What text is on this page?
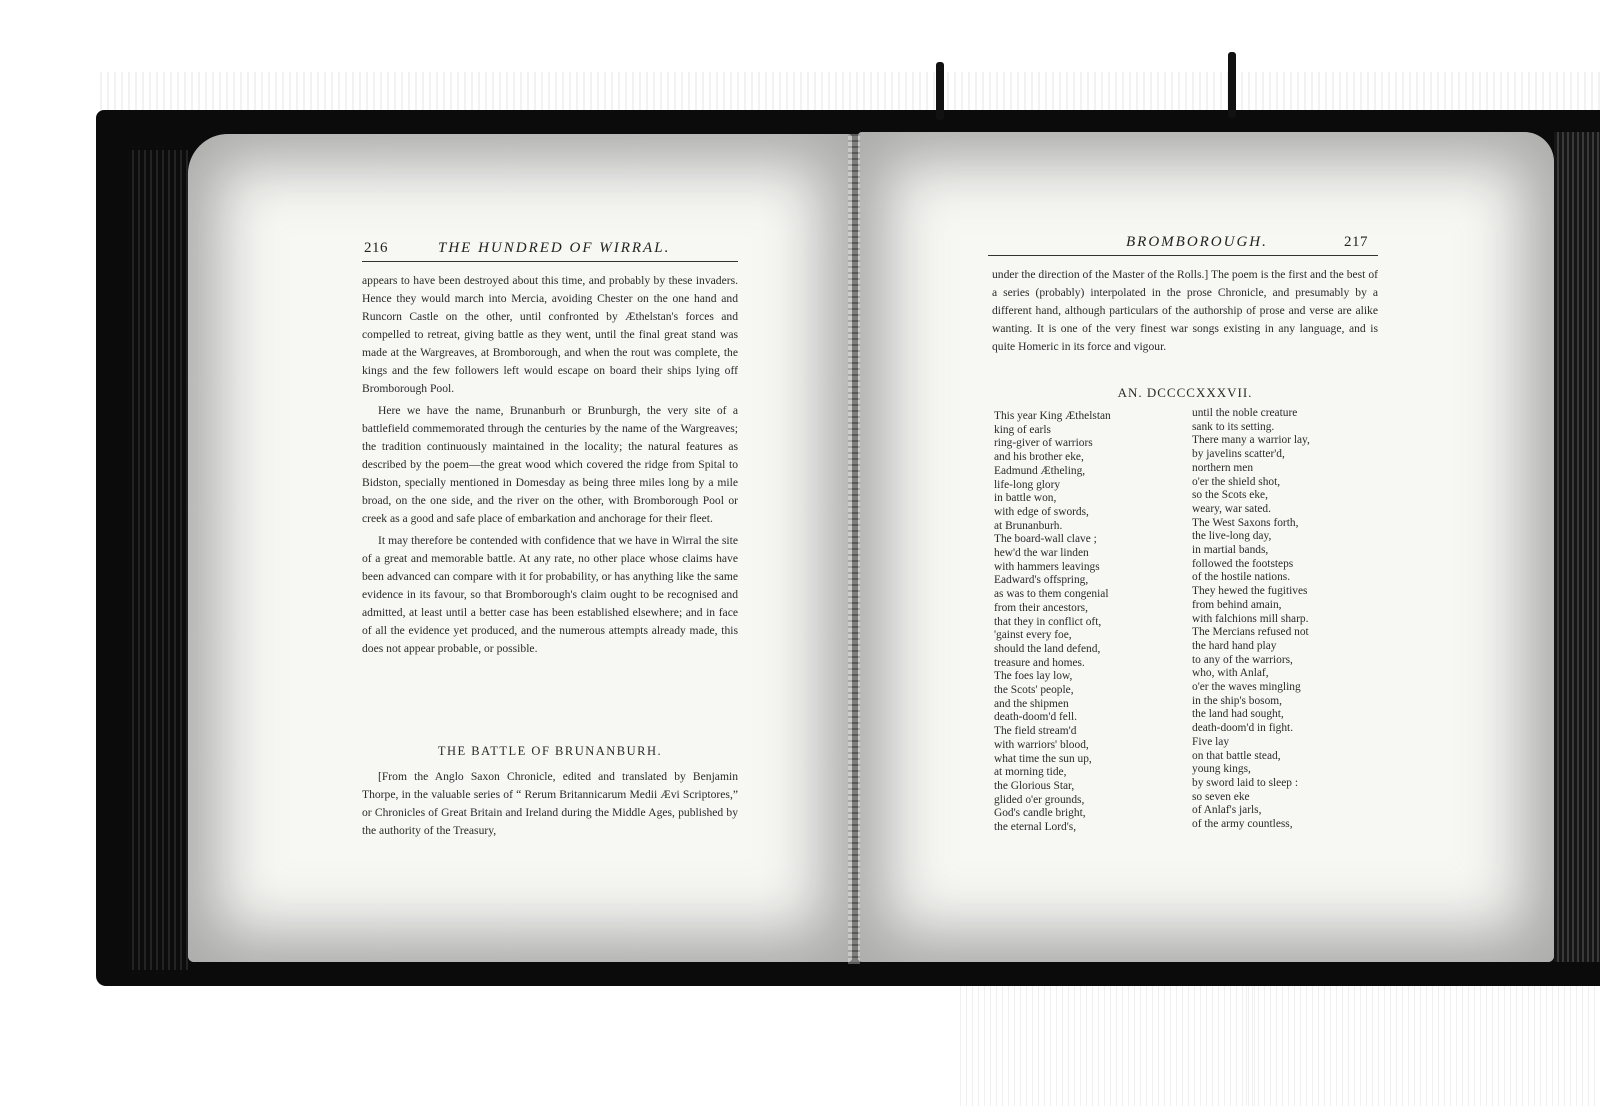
216	THE HUNDRED OF WIRRAL.

appears to have been destroyed about this time, and probably by these invaders. Hence they would march into Mercia, avoiding Chester on the one hand and Runcorn Castle on the other, until confronted by Æthelstan's forces and compelled to retreat, giving battle as they went, until the final great stand was made at the Wargreaves, at Bromborough, and when the rout was complete, the kings and the few followers left would escape on board their ships lying off Bromborough Pool.

Here we have the name, Brunanburh or Brunburgh, the very site of a battlefield commemorated through the centuries by the name of the Wargreaves; the tradition continuously maintained in the locality; the natural features as described by the poem—the great wood which covered the ridge from Spital to Bidston, specially mentioned in Domesday as being three miles long by a mile broad, on the one side, and the river on the other, with Bromborough Pool or creek as a good and safe place of embarkation and anchorage for their fleet.

It may therefore be contended with confidence that we have in Wirral the site of a great and memorable battle. At any rate, no other place whose claims have been advanced can compare with it for probability, or has anything like the same evidence in its favour, so that Bromborough's claim ought to be recognised and admitted, at least until a better case has been established elsewhere; and in face of all the evidence yet produced, and the numerous attempts already made, this does not appear probable, or possible.

THE BATTLE OF BRUNANBURH.

[From the Anglo Saxon Chronicle, edited and translated by Benjamin Thorpe, in the valuable series of “ Rerum Britannicarum Medii Ævi Scriptores,” or Chronicles of Great Britain and Ireland during the Middle Ages, published by the authority of the Treasury,

BROMBOROUGH.	217

under the direction of the Master of the Rolls.] The poem is the first and the best of a series (probably) interpolated in the prose Chronicle, and presumably by a different hand, although particulars of the authorship of prose and verse are alike wanting. It is one of the very finest war songs existing in any language, and is quite Homeric in its force and vigour.

AN. DCCCCXXXVII.
This year King Æthelstan
king of earls
ring-giver of warriors
and his brother eke,
Eadmund Ætheling,
life-long glory
in battle won,
with edge of swords,
at Brunanburh.
The board-wall clave ;
hew'd the war linden
with hammers leavings
Eadward's offspring,
as was to them congenial
from their ancestors,
that they in conflict oft,
'gainst every foe,
should the land defend,
treasure and homes.
The foes lay low,
the Scots' people,
and the shipmen
death-doom'd fell.
The field stream'd
with warriors' blood,
what time the sun up,
at morning tide,
the Glorious Star,
glided o'er grounds,
God's candle bright,
the eternal Lord's,
until the noble creature
sank to its setting.
There many a warrior lay,
by javelins scatter'd,
northern men
o'er the shield shot,
so the Scots eke,
weary, war sated.
The West Saxons forth,
the live-long day,
in martial bands,
followed the footsteps
of the hostile nations.
They hewed the fugitives
from behind amain,
with falchions mill sharp.
The Mercians refused not
the hard hand play
to any of the warriors,
who, with Anlaf,
o'er the waves mingling
in the ship's bosom,
the land had sought,
death-doom'd in fight.
Five lay
on that battle stead,
young kings,
by sword laid to sleep :
so seven eke
of Anlaf's jarls,
of the army countless,
